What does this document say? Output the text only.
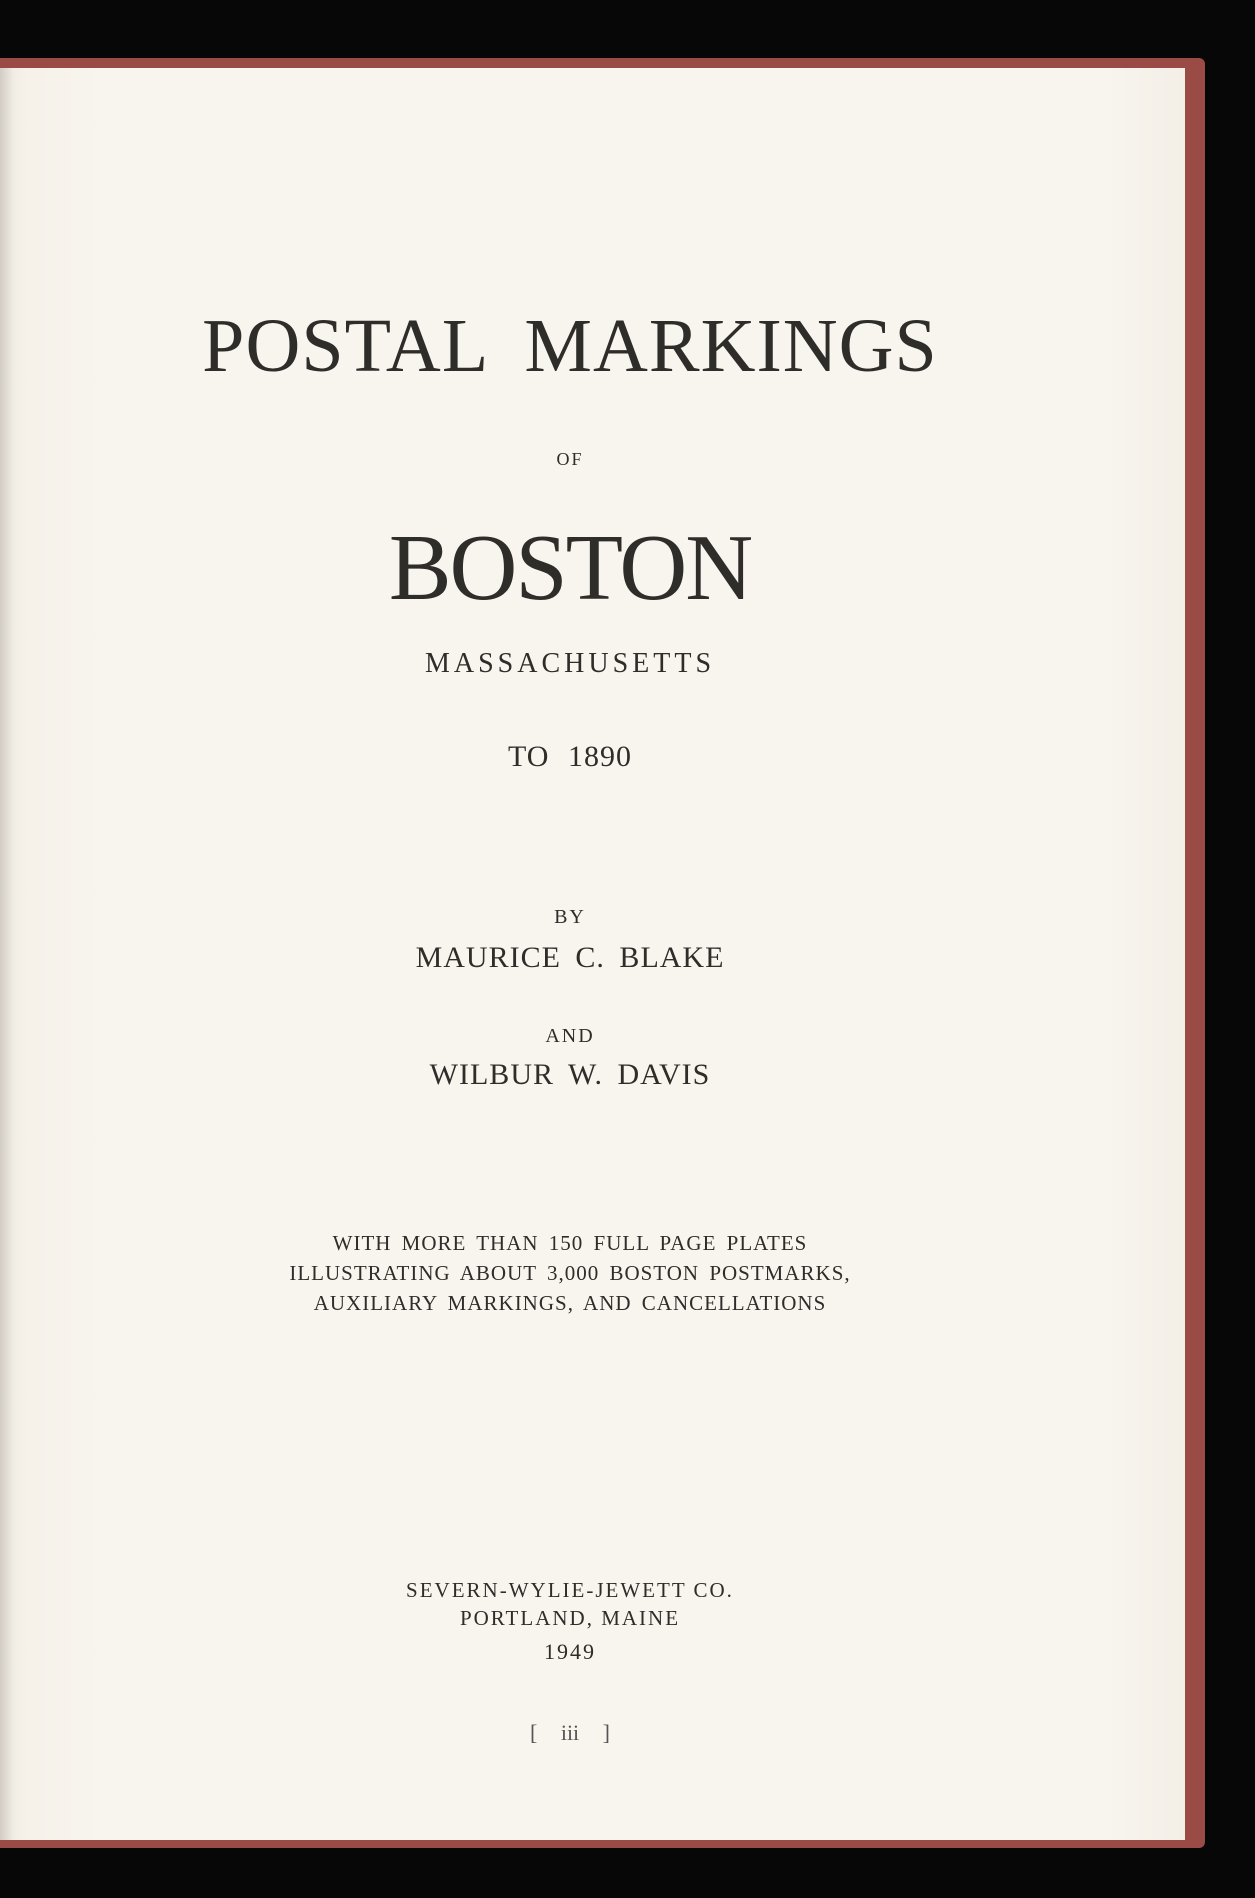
POSTAL MARKINGS
OF
BOSTON
MASSACHUSETTS
TO 1890
BY
MAURICE C. BLAKE
AND
WILBUR W. DAVIS
WITH MORE THAN 150 FULL PAGE PLATES
ILLUSTRATING ABOUT 3,000 BOSTON POSTMARKS,
AUXILIARY MARKINGS, AND CANCELLATIONS
SEVERN-WYLIE-JEWETT CO.
PORTLAND, MAINE
1949
[ iii ]
